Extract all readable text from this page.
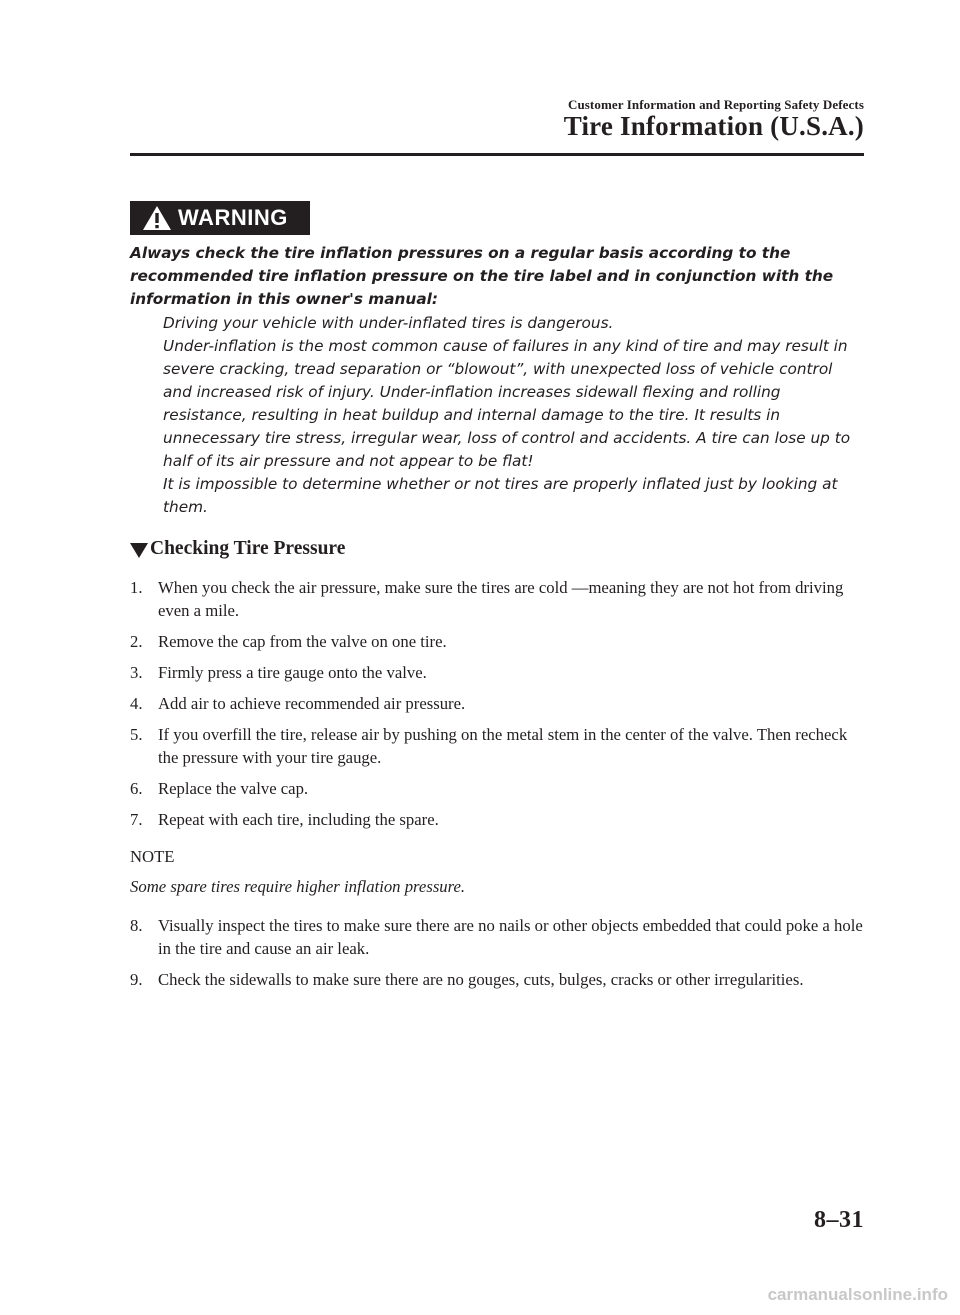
Customer Information and Reporting Safety Defects
Tire Information (U.S.A.)
WARNING

Always check the tire inflation pressures on a regular basis according to the recommended tire inflation pressure on the tire label and in conjunction with the information in this owner's manual:

Driving your vehicle with under-inflated tires is dangerous.

Under-inflation is the most common cause of failures in any kind of tire and may result in severe cracking, tread separation or “blowout”, with unexpected loss of vehicle control and increased risk of injury. Under-inflation increases sidewall flexing and rolling resistance, resulting in heat buildup and internal damage to the tire. It results in unnecessary tire stress, irregular wear, loss of control and accidents. A tire can lose up to half of its air pressure and not appear to be flat!

It is impossible to determine whether or not tires are properly inflated just by looking at them.

Checking Tire Pressure
1. When you check the air pressure, make sure the tires are cold —meaning they are not hot from driving even a mile.
2. Remove the cap from the valve on one tire.
3. Firmly press a tire gauge onto the valve.
4. Add air to achieve recommended air pressure.
5. If you overfill the tire, release air by pushing on the metal stem in the center of the valve. Then recheck the pressure with your tire gauge.
6. Replace the valve cap.
7. Repeat with each tire, including the spare.
NOTE
Some spare tires require higher inflation pressure.
8. Visually inspect the tires to make sure there are no nails or other objects embedded that could poke a hole in the tire and cause an air leak.
9. Check the sidewalls to make sure there are no gouges, cuts, bulges, cracks or other irregularities.
8–31
carmanualsonline.info
